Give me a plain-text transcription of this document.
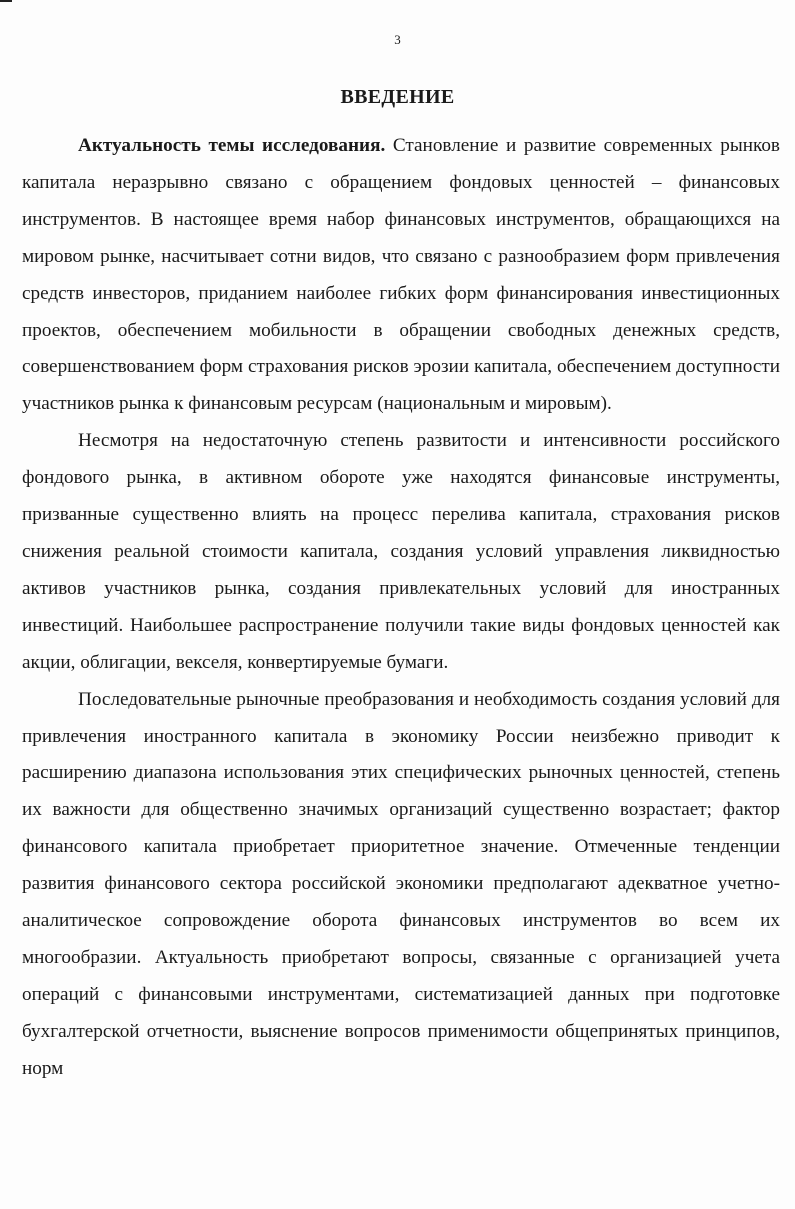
3
ВВЕДЕНИЕ

Актуальность темы исследования. Становление и развитие современных рынков капитала неразрывно связано с обращением фондовых ценностей – финансовых инструментов. В настоящее время набор финансовых инструментов, обращающихся на мировом рынке, насчитывает сотни видов, что связано с разнообразием форм привлечения средств инвесторов, приданием наиболее гибких форм финансирования инвестиционных проектов, обеспечением мобильности в обращении свободных денежных средств, совершенствованием форм страхования рисков эрозии капитала, обеспечением доступности участников рынка к финансовым ресурсам (национальным и мировым).

Несмотря на недостаточную степень развитости и интенсивности российского фондового рынка, в активном обороте уже находятся финансовые инструменты, призванные существенно влиять на процесс перелива капитала, страхования рисков снижения реальной стоимости капитала, создания условий управления ликвидностью активов участников рынка, создания привлекательных условий для иностранных инвестиций. Наибольшее распространение получили такие виды фондовых ценностей как акции, облигации, векселя, конвертируемые бумаги.

Последовательные рыночные преобразования и необходимость создания условий для привлечения иностранного капитала в экономику России неизбежно приводит к расширению диапазона использования этих специфических рыночных ценностей, степень их важности для общественно значимых организаций существенно возрастает; фактор финансового капитала приобретает приоритетное значение. Отмеченные тенденции развития финансового сектора российской экономики предполагают адекватное учетно-аналитическое сопровождение оборота финансовых инструментов во всем их многообразии. Актуальность приобретают вопросы, связанные с организацией учета операций с финансовыми инструментами, систематизацией данных при подготовке бухгалтерской отчетности, выяснение вопросов применимости общепринятых принципов, норм
